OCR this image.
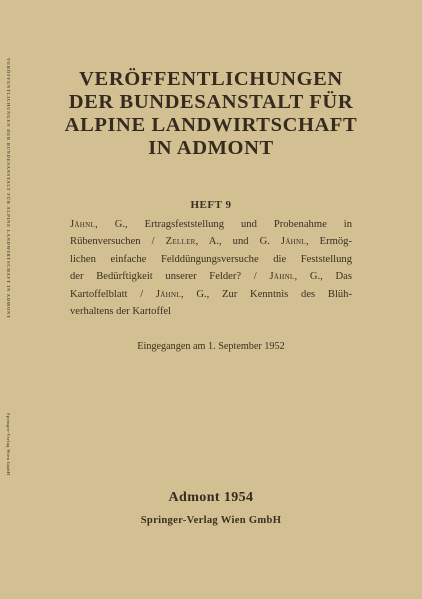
VERÖFFENTLICHUNGEN DER BUNDESANSTALT FÜR ALPINE LANDWIRTSCHAFT IN ADMONT
Springer-Verlag Wien GmbH
VERÖFFENTLICHUNGEN
DER BUNDESANSTALT FÜR
ALPINE LANDWIRTSCHAFT
IN ADMONT
HEFT 9
Jähnl, G., Ertragsfeststellung und Probenahme in
Rübenversuchen / Zeller, A., und G. Jähnl, Ermög-
lichen einfache Felddüngungsversuche die Feststellung
der Bedürftigkeit unserer Felder? / Jähnl, G., Das
Kartoffelblatt / Jähnl, G., Zur Kenntnis des Blüh-
verhaltens der Kartoffel
Eingegangen am 1. September 1952
Admont 1954
Springer-Verlag Wien GmbH
